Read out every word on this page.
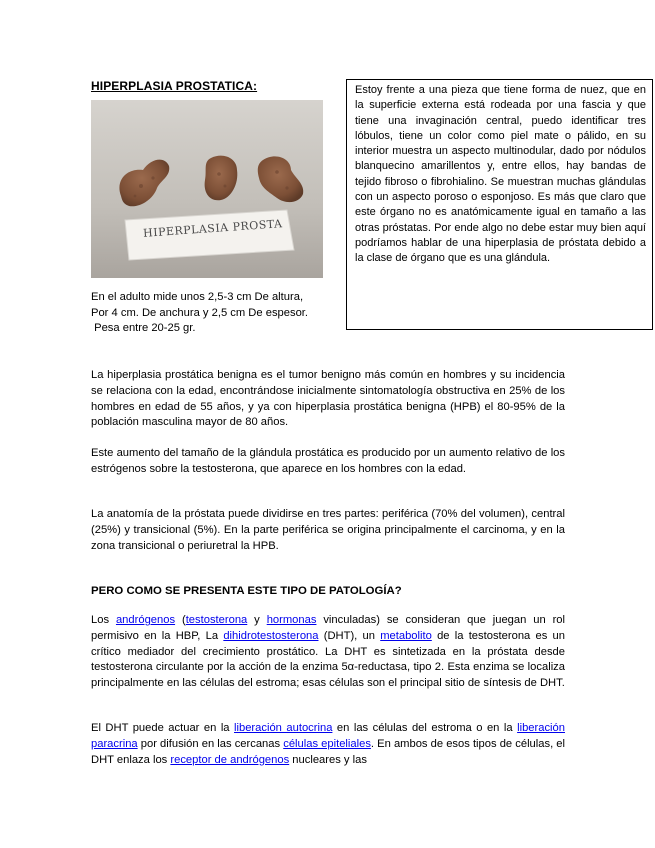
HIPERPLASIA PROSTATICA:
HIPERPLASIA PROSTA
En el adulto mide unos 2,5-3 cm De altura,
Por 4 cm. De anchura y 2,5 cm De espesor.
Pesa entre 20-25 gr.
Estoy frente a una pieza que tiene forma de nuez, que en la superficie externa está rodeada por una fascia y que tiene una invaginación central, puedo identificar tres lóbulos, tiene un color como piel mate o pálido, en su interior muestra un aspecto multinodular, dado por nódulos blanquecino amarillentos y, entre ellos, hay bandas de tejido fibroso o fibrohialino. Se muestran muchas glándulas con un aspecto poroso o esponjoso. Es más que claro que este órgano no es anatómicamente igual en tamaño a las otras próstatas. Por ende algo no debe estar muy bien aquí podríamos hablar de una hiperplasia de próstata debido a la clase de órgano que es una glándula.

La hiperplasia prostática benigna es el tumor benigno más común en hombres y su incidencia se relaciona con la edad, encontrándose inicialmente sintomatología obstructiva en 25% de los hombres en edad de 55 años, y ya con hiperplasia prostática benigna (HPB) el 80-95% de la población masculina mayor de 80 años.

Este aumento del tamaño de la glándula prostática es producido por un aumento relativo de los estrógenos sobre la testosterona, que aparece en los hombres con la edad.

La anatomía de la próstata puede dividirse en tres partes: periférica (70% del volumen), central (25%) y transicional (5%). En la parte periférica se origina principalmente el carcinoma, y en la zona transicional o periuretral la HPB.

PERO COMO SE PRESENTA ESTE TIPO DE PATOLOGÍA?

Los andrógenos (testosterona y hormonas vinculadas) se consideran que juegan un rol permisivo en la HBP, La dihidrotestosterona (DHT), un metabolito de la testosterona es un crítico mediador del crecimiento prostático. La DHT es sintetizada en la próstata desde testosterona circulante por la acción de la enzima 5α-reductasa, tipo 2. Esta enzima se localiza principalmente en las células del estroma; esas células son el principal sitio de síntesis de DHT.

El DHT puede actuar en la liberación autocrina en las células del estroma o en la liberación paracrina por difusión en las cercanas células epiteliales. En ambos de esos tipos de células, el DHT enlaza los receptor de andrógenos nucleares y las
